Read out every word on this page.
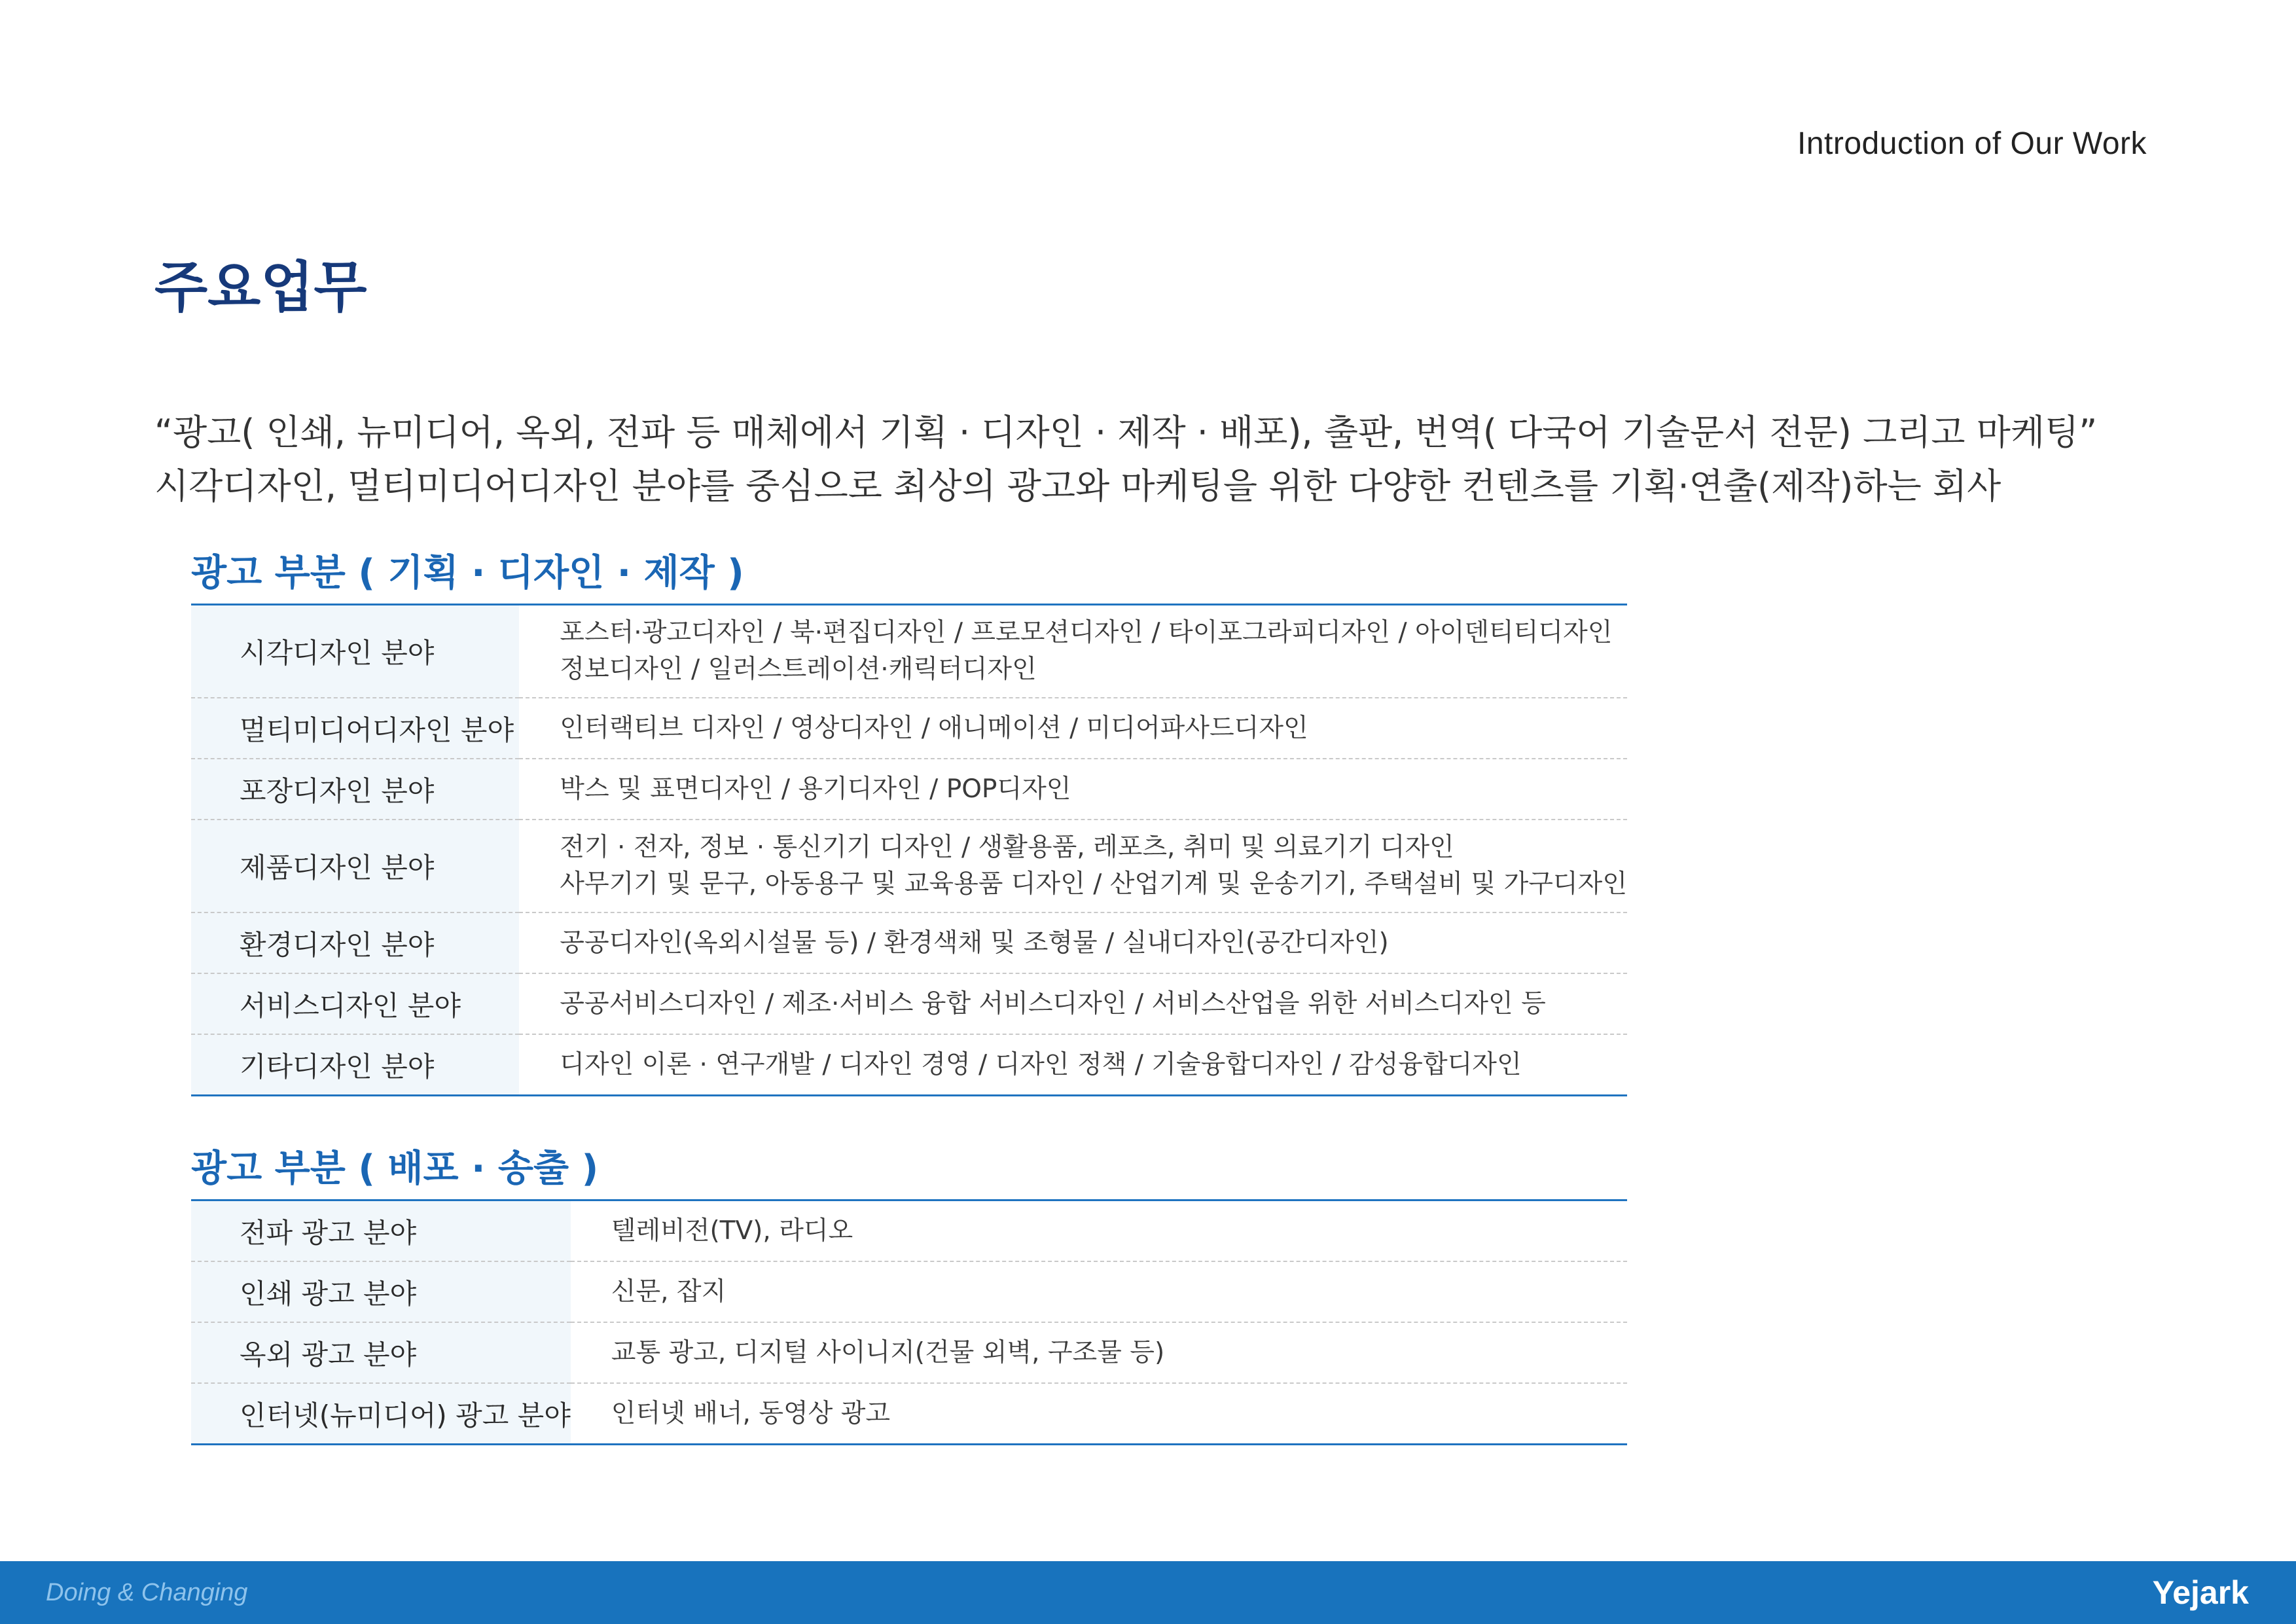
Introduction of Our Work
주요업무
“광고( 인쇄, 뉴미디어, 옥외, 전파 등 매체에서 기획 · 디자인 · 제작 · 배포), 출판, 번역( 다국어 기술문서 전문) 그리고 마케팅”
시각디자인, 멀티미디어디자인 분야를 중심으로 최상의 광고와 마케팅을 위한 다양한 컨텐츠를 기획·연출(제작)하는 회사
광고 부분 ( 기획 · 디자인 · 제작 )
시각디자인 분야	포스터·광고디자인 / 북·편집디자인 / 프로모션디자인 / 타이포그라피디자인 / 아이덴티티디자인
정보디자인 / 일러스트레이션·캐릭터디자인

멀티미디어디자인 분야	인터랙티브 디자인 / 영상디자인 / 애니메이션 / 미디어파사드디자인

포장디자인 분야	박스 및 표면디자인 / 용기디자인 / POP디자인

제품디자인 분야	전기 · 전자, 정보 · 통신기기 디자인 / 생활용품, 레포츠, 취미 및 의료기기 디자인
사무기기 및 문구, 아동용구 및 교육용품 디자인 / 산업기계 및 운송기기, 주택설비 및 가구디자인

환경디자인 분야	공공디자인(옥외시설물 등) / 환경색채 및 조형물 / 실내디자인(공간디자인)

서비스디자인 분야	공공서비스디자인 / 제조·서비스 융합 서비스디자인 / 서비스산업을 위한 서비스디자인 등

기타디자인 분야	디자인 이론 · 연구개발 / 디자인 경영 / 디자인 정책 / 기술융합디자인 / 감성융합디자인
광고 부분 ( 배포 · 송출 )
전파 광고 분야	텔레비전(TV), 라디오

인쇄 광고 분야	신문, 잡지

옥외 광고 분야	교통 광고, 디지털 사이니지(건물 외벽, 구조물 등)

인터넷(뉴미디어) 광고 분야	인터넷 배너, 동영상 광고
Doing & Changing	Yejark
